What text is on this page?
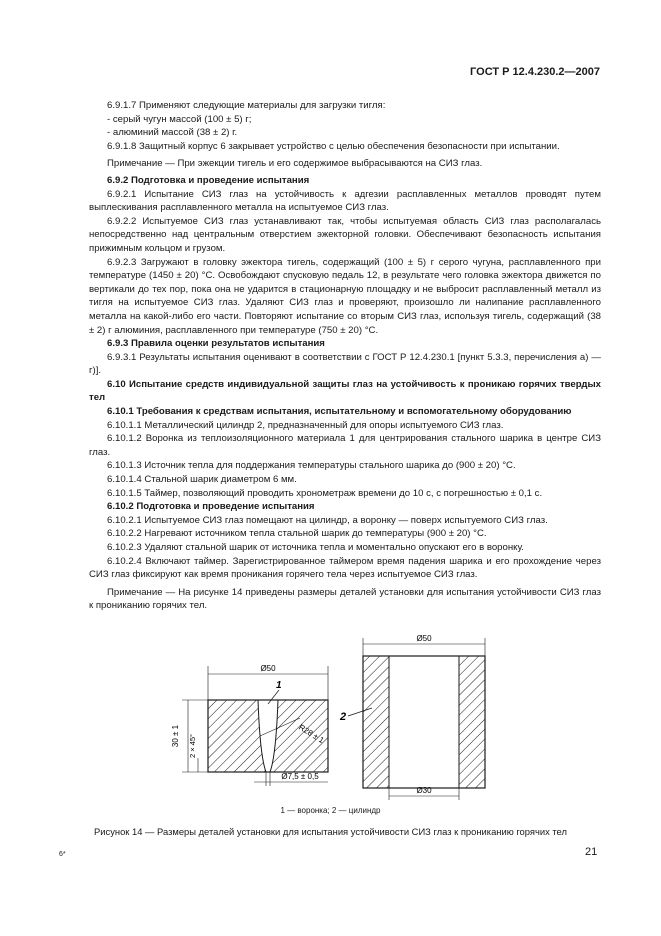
ГОСТ Р 12.4.230.2—2007

6.9.1.7 Применяют следующие материалы для загрузки тигля:

- серый чугун массой (100 ± 5) г;

- алюминий массой (38 ± 2) г.

6.9.1.8 Защитный корпус 6 закрывает устройство с целью обеспечения безопасности при испытании.

Примечание — При эжекции тигель и его содержимое выбрасываются на СИЗ глаз.

6.9.2 Подготовка и проведение испытания

6.9.2.1 Испытание СИЗ глаз на устойчивость к адгезии расплавленных металлов проводят путем выплескивания расплавленного металла на испытуемое СИЗ глаз.

6.9.2.2 Испытуемое СИЗ глаз устанавливают так, чтобы испытуемая область СИЗ глаз располагалась непосредственно над центральным отверстием эжекторной головки. Обеспечивают безопасность испытания прижимным кольцом и грузом.

6.9.2.3 Загружают в головку эжектора тигель, содержащий (100 ± 5) г серого чугуна, расплавленного при температуре (1450 ± 20) °С. Освобождают спусковую педаль 12, в результате чего головка эжектора движется по вертикали до тех пор, пока она не ударится в стационарную площадку и не выбросит расплавленный металл из тигля на испытуемое СИЗ глаз. Удаляют СИЗ глаз и проверяют, произошло ли налипание расплавленного металла на какой-либо его части. Повторяют испытание со вторым СИЗ глаз, используя тигель, содержащий (38 ± 2) г алюминия, расплавленного при температуре (750 ± 20) °С.

6.9.3 Правила оценки результатов испытания

6.9.3.1 Результаты испытания оценивают в соответствии с ГОСТ Р 12.4.230.1 [пункт 5.3.3, перечисления а) — г)].

6.10 Испытание средств индивидуальной защиты глаз на устойчивость к проникаю горячих твердых тел

6.10.1 Требования к средствам испытания, испытательному и вспомогательному оборудованию

6.10.1.1 Металлический цилиндр 2, предназначенный для опоры испытуемого СИЗ глаз.

6.10.1.2 Воронка из теплоизоляционного материала 1 для центрирования стального шарика в центре СИЗ глаз.

6.10.1.3 Источник тепла для поддержания температуры стального шарика до (900 ± 20) °С.

6.10.1.4 Стальной шарик диаметром 6 мм.

6.10.1.5 Таймер, позволяющий проводить хронометраж времени до 10 с, с погрешностью ± 0,1 с.

6.10.2 Подготовка и проведение испытания

6.10.2.1 Испытуемое СИЗ глаз помещают на цилиндр, а воронку — поверх испытуемого СИЗ глаз.

6.10.2.2 Нагревают источником тепла стальной шарик до температуры (900 ± 20) °С.

6.10.2.3 Удаляют стальной шарик от источника тепла и моментально опускают его в воронку.

6.10.2.4 Включают таймер. Зарегистрированное таймером время падения шарика и его прохождение через СИЗ глаз фиксируют как время проникания горячего тела через испытуемое СИЗ глаз.

Примечание — На рисунке 14 приведены размеры деталей установки для испытания устойчивости СИЗ глаз к прониканию горячих тел.

Ø50
30 ± 1 2 × 45°
R28 ± 1
1
Ø7,5 ± 0,5
Ø50
Ø30
2
1 — воронка; 2 — цилиндр
Рисунок 14 — Размеры деталей установки для испытания устойчивости СИЗ глаз к прониканию горячих тел
6*	21
